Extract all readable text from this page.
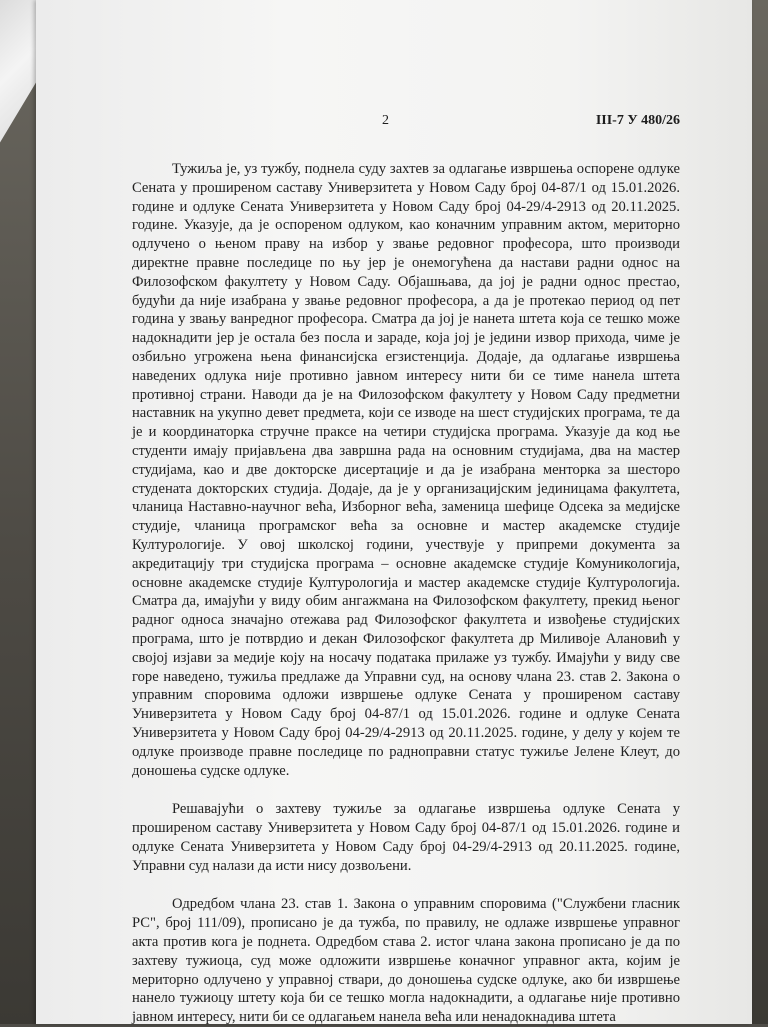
2	III-7 У 480/26

Тужиља је, уз тужбу, поднела суду захтев за одлагање извршења оспорене одлуке Сената у проширеном саставу Универзитета у Новом Саду број 04-87/1 од 15.01.2026. године и одлуке Сената Универзитета у Новом Саду број 04-29/4-2913 од 20.11.2025. године. Указује, да је оспореном одлуком, као коначним управним актом, мериторно одлучено о њеном праву на избор у звање редовног професора, што производи директне правне последице по њу јер је онемогућена да настави радни однос на Филозофском факултету у Новом Саду. Објашњава, да јој је радни однос престао, будући да није изабрана у звање редовног професора, а да је протекао период од пет година у звању ванредног професора. Сматра да јој је нанета штета која се тешко може надокнадити јер је остала без посла и зараде, која јој је једини извор прихода, чиме је озбиљно угрожена њена финансијска егзистенција. Додаје, да одлагање извршења наведених одлука није противно јавном интересу нити би се тиме нанела штета противној страни. Наводи да је на Филозофском факултету у Новом Саду предметни наставник на укупно девет предмета, који се изводе на шест студијских програма, те да је и координаторка стручне праксе на четири студијска програма. Указује да код ње студенти имају пријављена два завршна рада на основним студијама, два на мастер студијама, као и две докторске дисертације и да је изабрана менторка за шесторо студената докторских студија. Додаје, да је у организацијским јединицама факултета, чланица Наставно-научног већа, Изборног већа, заменица шефице Одсека за медијске студије, чланица програмског већа за основне и мастер академске студије Културологије. У овој школској години, учествује у припреми документа за акредитацију три студијска програма – основне академске студије Комуникологија, основне академске студије Културологија и мастер академске студије Културологија. Сматра да, имајући у виду обим ангажмана на Филозофском факултету, прекид њеног радног односа значајно отежава рад Филозофског факултета и извођење студијских програма, што је потврдио и декан Филозофског факултета др Миливоје Алановић у својој изјави за медије коју на носачу података прилаже уз тужбу. Имајући у виду све горе наведено, тужиља предлаже да Управни суд, на основу члана 23. став 2. Закона о управним споровима одложи извршење одлуке Сената у проширеном саставу Универзитета у Новом Саду број 04-87/1 од 15.01.2026. године и одлуке Сената Универзитета у Новом Саду број 04-29/4-2913 од 20.11.2025. године, у делу у којем те одлуке производе правне последице по радноправни статус тужиље Јелене Клеут, до доношења судске одлуке.

Решавајући о захтеву тужиље за одлагање извршења одлуке Сената у проширеном саставу Универзитета у Новом Саду број 04-87/1 од 15.01.2026. године и одлуке Сената Универзитета у Новом Саду број 04-29/4-2913 од 20.11.2025. године, Управни суд налази да исти нису дозвољени.

Одредбом члана 23. став 1. Закона о управним споровима ("Службени гласник РС", број 111/09), прописано је да тужба, по правилу, не одлаже извршење управног акта против кога је поднета. Одредбом става 2. истог члана закона прописано је да по захтеву тужиоца, суд може одложити извршење коначног управног акта, којим је мериторно одлучено у управној ствари, до доношења судске одлуке, ако би извршење нанело тужиоцу штету која би се тешко могла надокнадити, а одлагање није противно јавном интересу, нити би се одлагањем нанела већа или ненадокнадива штета
